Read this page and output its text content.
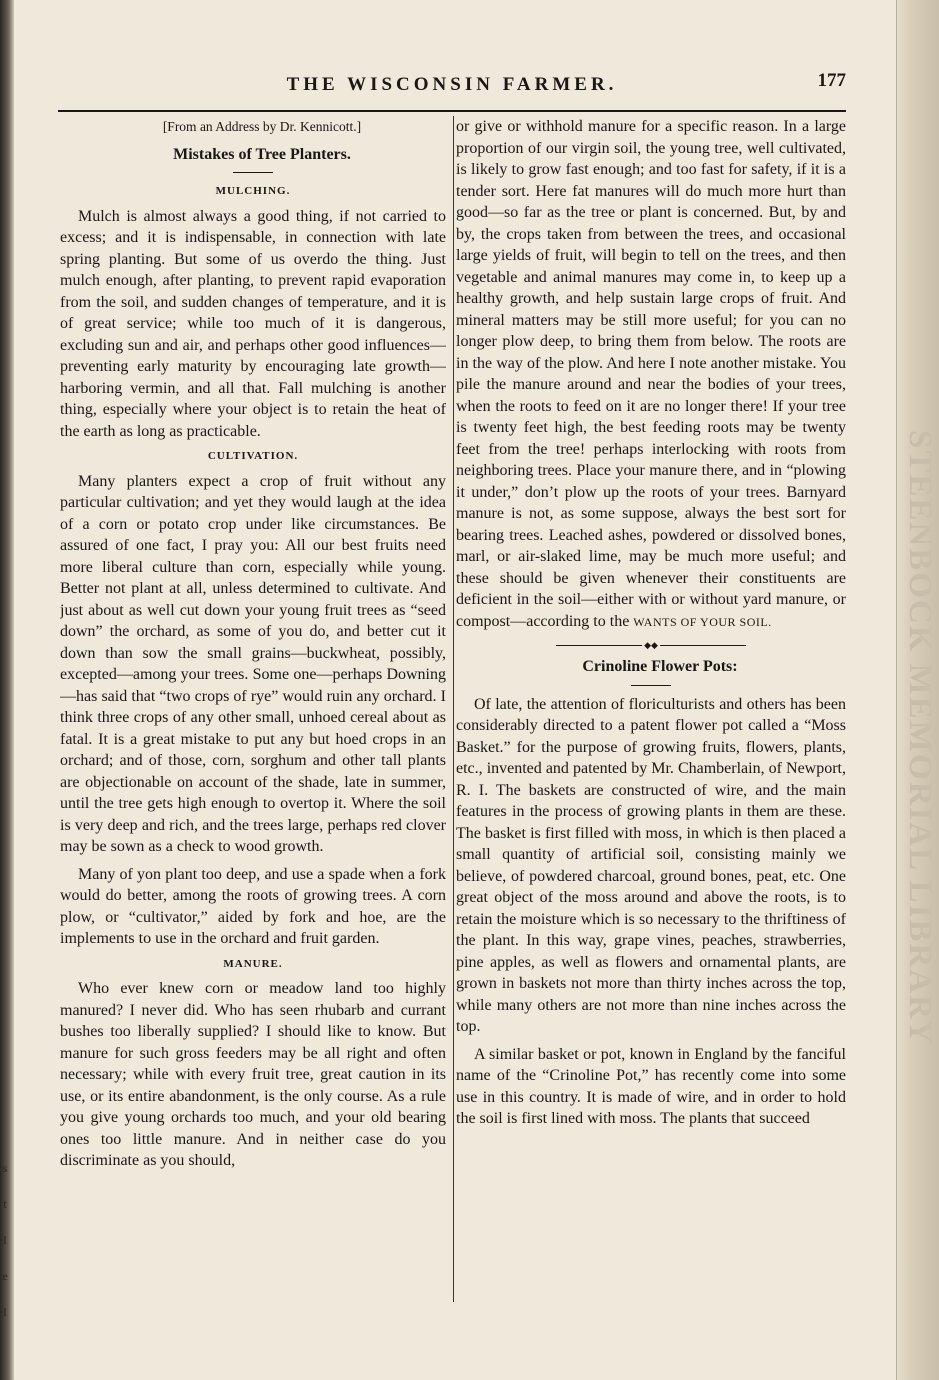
STEENBOCK MEMORIAL LIBRARY
s
t
l
e
l
THE WISCONSIN FARMER.	177

[From an Address by Dr. Kennicott.]

Mistakes of Tree Planters.

MULCHING.

Mulch is almost always a good thing, if not carried to excess; and it is indispensable, in connection with late spring planting. But some of us overdo the thing. Just mulch enough, after planting, to prevent rapid evaporation from the soil, and sudden changes of temperature, and it is of great service; while too much of it is dangerous, excluding sun and air, and perhaps other good influences—preventing early maturity by encouraging late growth—harboring vermin, and all that. Fall mulching is another thing, especially where your object is to retain the heat of the earth as long as practicable.

CULTIVATION.

Many planters expect a crop of fruit without any particular cultivation; and yet they would laugh at the idea of a corn or potato crop under like circumstances. Be assured of one fact, I pray you: All our best fruits need more liberal culture than corn, especially while young. Better not plant at all, unless determined to cultivate. And just about as well cut down your young fruit trees as “seed down” the orchard, as some of you do, and better cut it down than sow the small grains—buckwheat, possibly, excepted—among your trees. Some one—perhaps Downing—has said that “two crops of rye” would ruin any orchard. I think three crops of any other small, unhoed cereal about as fatal. It is a great mistake to put any but hoed crops in an orchard; and of those, corn, sorghum and other tall plants are objectionable on account of the shade, late in summer, until the tree gets high enough to overtop it. Where the soil is very deep and rich, and the trees large, perhaps red clover may be sown as a check to wood growth.

Many of yon plant too deep, and use a spade when a fork would do better, among the roots of growing trees. A corn plow, or “cultivator,” aided by fork and hoe, are the implements to use in the orchard and fruit garden.

MANURE.

Who ever knew corn or meadow land too highly manured? I never did. Who has seen rhubarb and currant bushes too liberally supplied? I should like to know. But manure for such gross feeders may be all right and often necessary; while with every fruit tree, great caution in its use, or its entire abandonment, is the only course. As a rule you give young orchards too much, and your old bearing ones too little manure. And in neither case do you discriminate as you should,

or give or withhold manure for a specific reason. In a large proportion of our virgin soil, the young tree, well cultivated, is likely to grow fast enough; and too fast for safety, if it is a tender sort. Here fat manures will do much more hurt than good—so far as the tree or plant is concerned. But, by and by, the crops taken from between the trees, and occasional large yields of fruit, will begin to tell on the trees, and then vegetable and animal manures may come in, to keep up a healthy growth, and help sustain large crops of fruit. And mineral matters may be still more useful; for you can no longer plow deep, to bring them from below. The roots are in the way of the plow. And here I note another mistake. You pile the manure around and near the bodies of your trees, when the roots to feed on it are no longer there! If your tree is twenty feet high, the best feeding roots may be twenty feet from the tree! perhaps interlocking with roots from neighboring trees. Place your manure there, and in “plowing it under,” don’t plow up the roots of your trees. Barnyard manure is not, as some suppose, always the best sort for bearing trees. Leached ashes, powdered or dissolved bones, marl, or air-slaked lime, may be much more useful; and these should be given whenever their constituents are deficient in the soil—either with or without yard manure, or compost—according to the WANTS OF YOUR SOIL.

◆◆

Crinoline Flower Pots:

Of late, the attention of floriculturists and others has been considerably directed to a patent flower pot called a “Moss Basket.” for the purpose of growing fruits, flowers, plants, etc., invented and patented by Mr. Chamberlain, of Newport, R. I. The baskets are constructed of wire, and the main features in the process of growing plants in them are these. The basket is first filled with moss, in which is then placed a small quantity of artificial soil, consisting mainly we believe, of powdered charcoal, ground bones, peat, etc. One great object of the moss around and above the roots, is to retain the moisture which is so necessary to the thriftiness of the plant. In this way, grape vines, peaches, strawberries, pine apples, as well as flowers and ornamental plants, are grown in baskets not more than thirty inches across the top, while many others are not more than nine inches across the top.

A similar basket or pot, known in England by the fanciful name of the “Crinoline Pot,” has recently come into some use in this country. It is made of wire, and in order to hold the soil is first lined with moss. The plants that succeed
